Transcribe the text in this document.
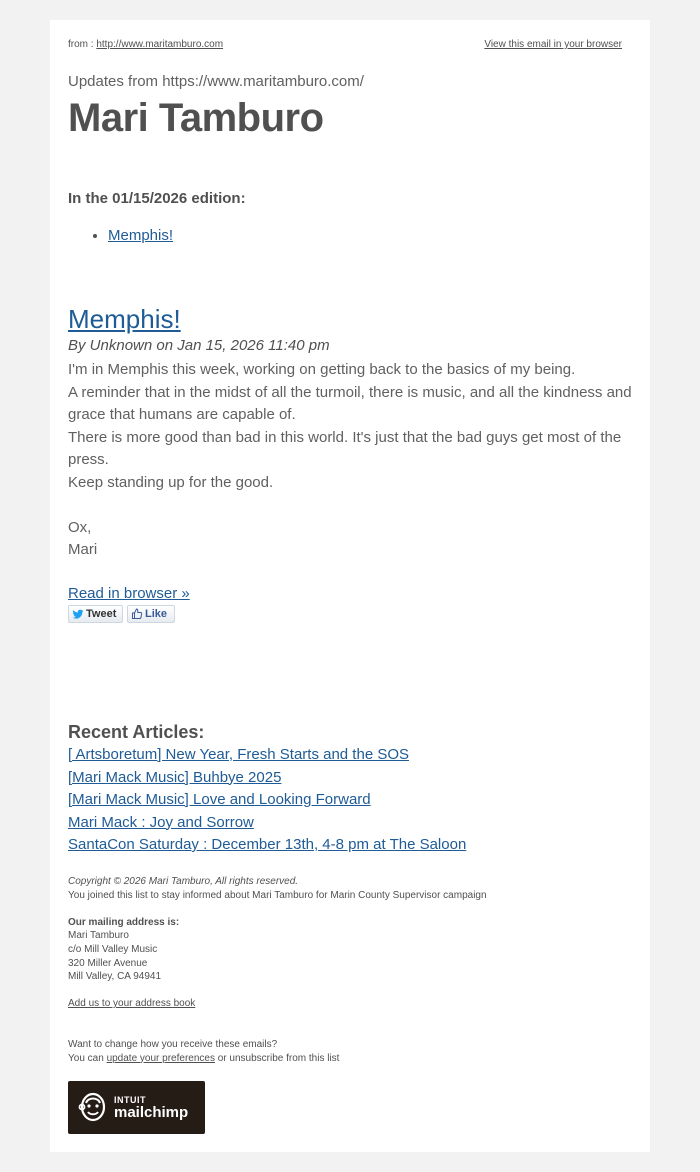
from : http://www.maritamburo.com	View this email in your browser
Updates from https://www.maritamburo.com/
Mari Tamburo
In the 01/15/2026 edition:
• Memphis!
Memphis!
By Unknown on Jan 15, 2026 11:40 pm

I'm in Memphis this week, working on getting back to the basics of my being.

A reminder that in the midst of all the turmoil, there is music, and all the kindness and grace that humans are capable of.

There is more good than bad in this world. It's just that the bad guys get most of the press.

Keep standing up for the good.

Ox,

Mari

Read in browser »
Tweet	Like
Recent Articles:
[ Artsboretum] New Year, Fresh Starts and the SOS
[Mari Mack Music] Buhbye 2025
[Mari Mack Music] Love and Looking Forward
Mari Mack : Joy and Sorrow
SantaCon Saturday : December 13th, 4-8 pm at The Saloon
Copyright © 2026 Mari Tamburo, All rights reserved.
You joined this list to stay informed about Mari Tamburo for Marin County Supervisor campaign
Our mailing address is:
Mari Tamburo
c/o Mill Valley Music
320 Miller Avenue
Mill Valley, CA 94941
Add us to your address book
Want to change how you receive these emails?
You can update your preferences or unsubscribe from this list
INTUIT
mailchimp
